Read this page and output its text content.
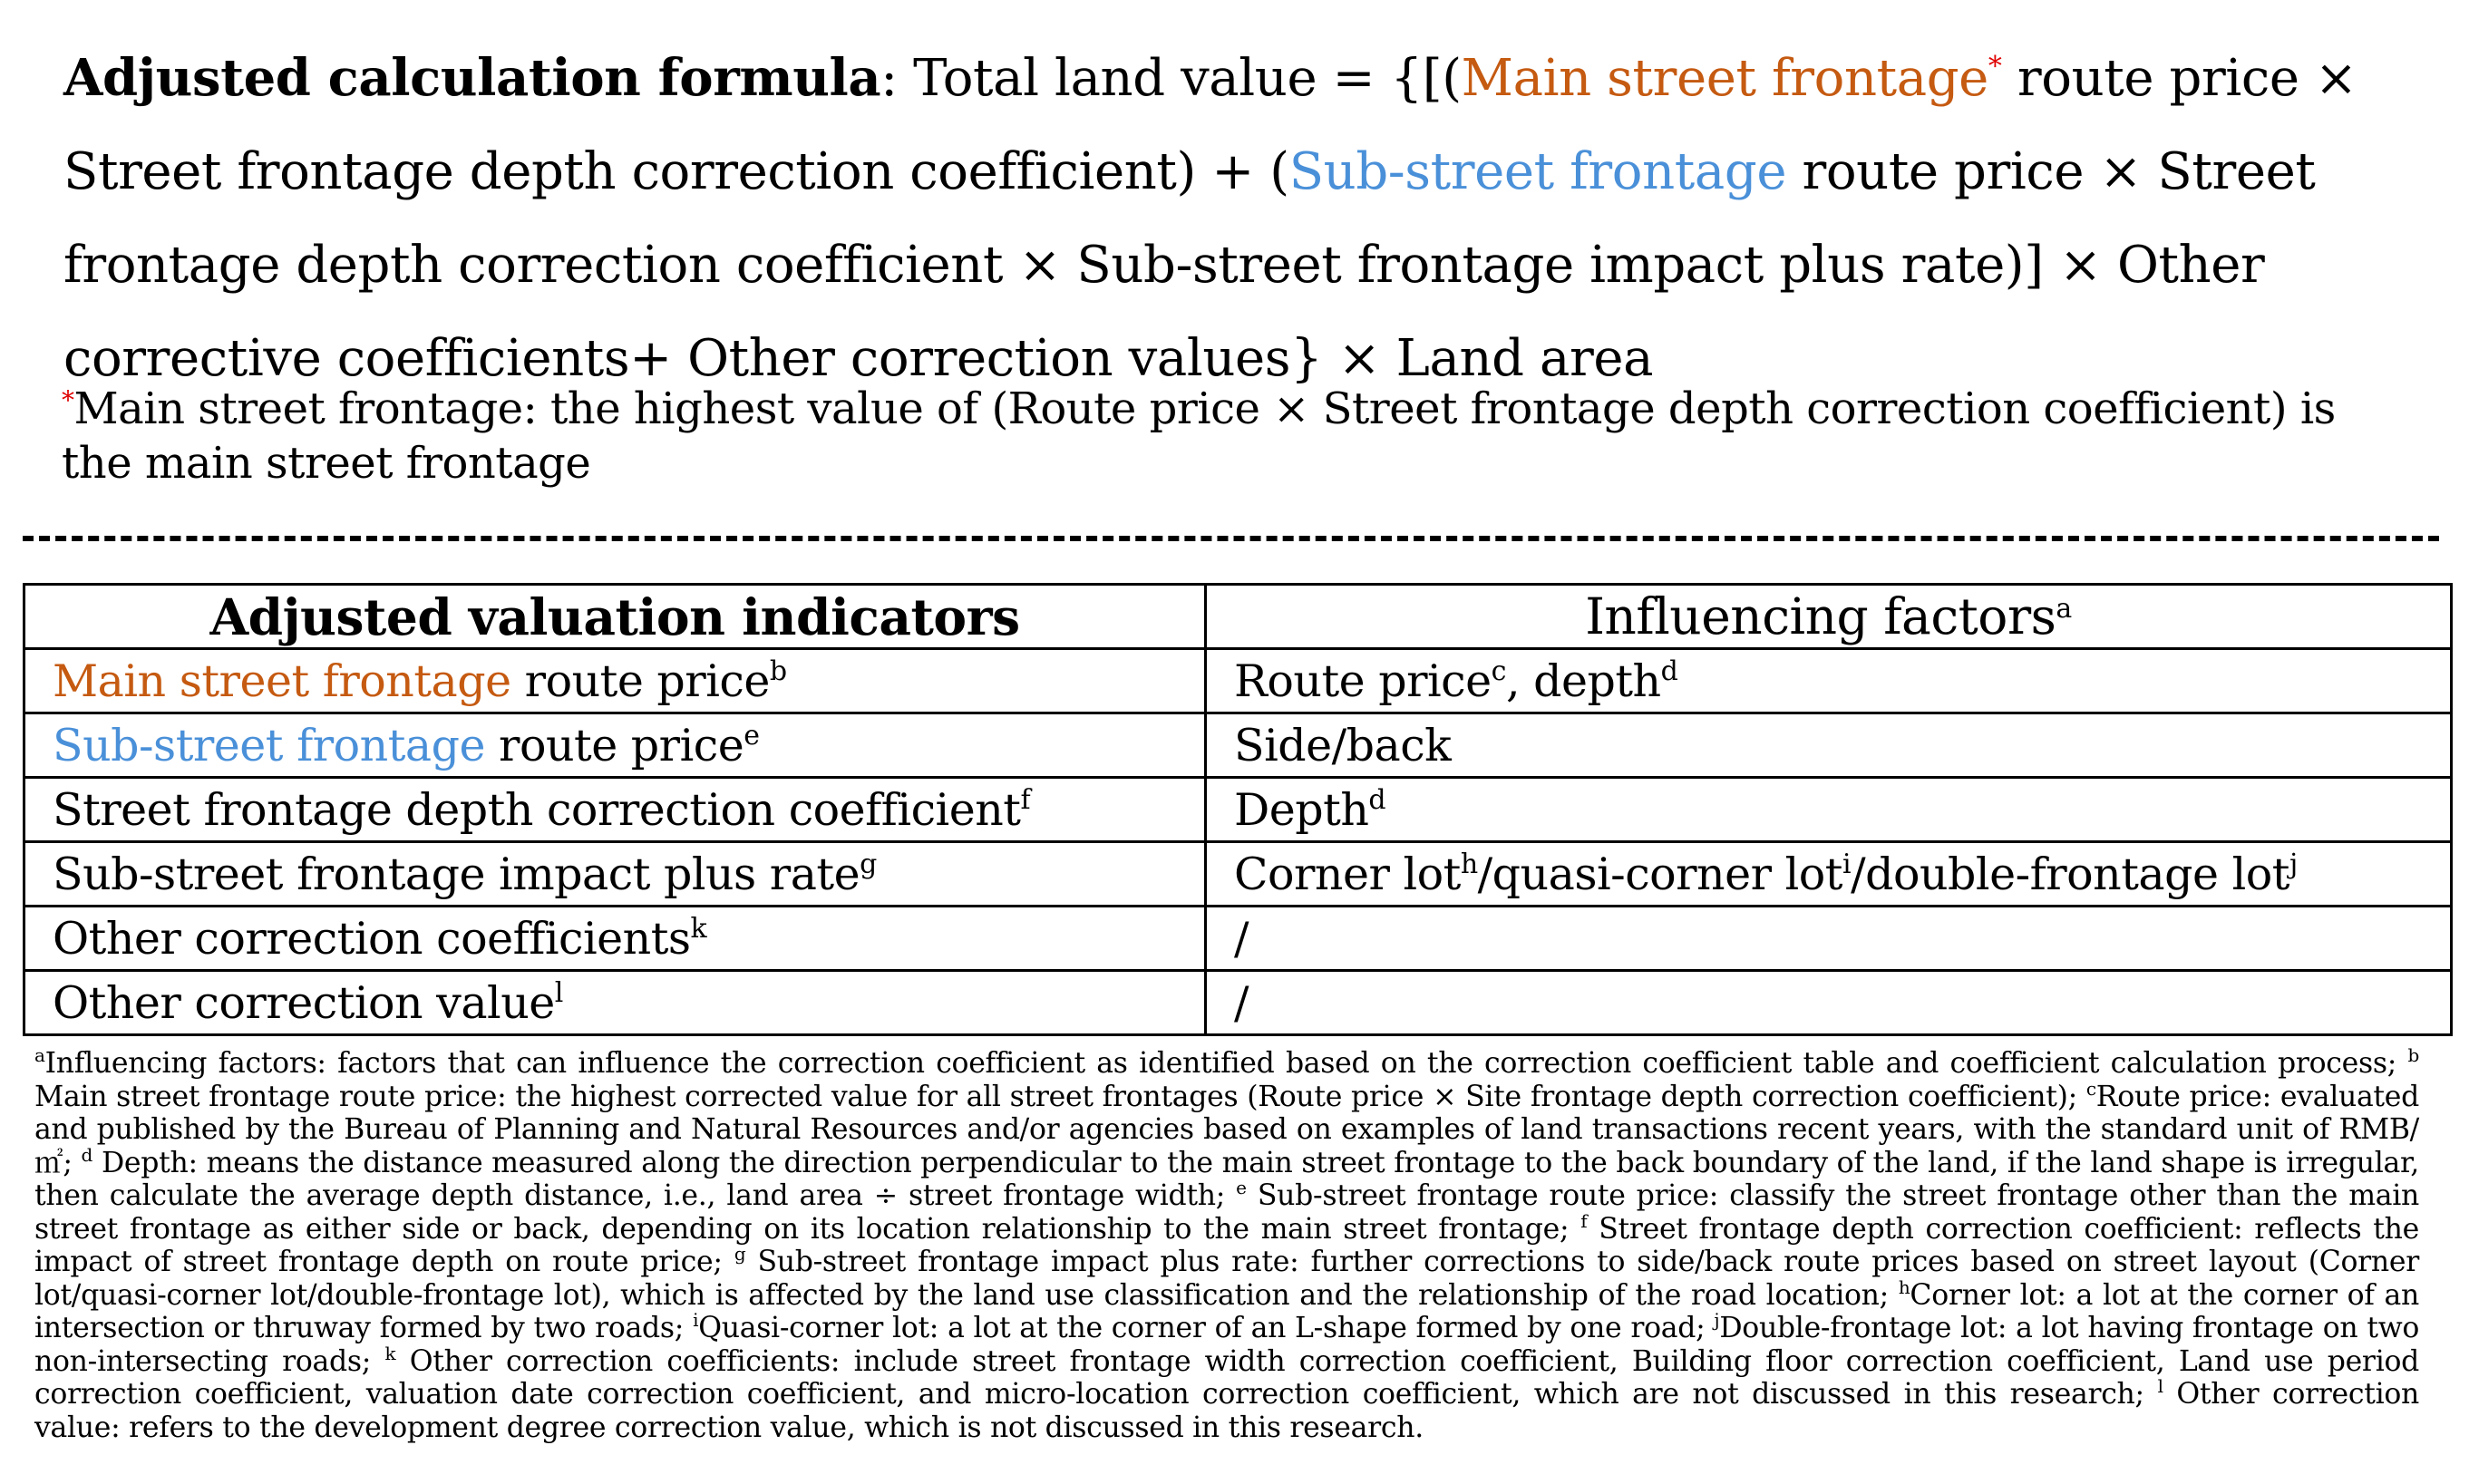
Adjusted calculation formula: Total land value = {[(Main street frontage* route price × Street frontage depth correction coefficient) + (Sub-street frontage route price × Street frontage depth correction coefficient × Sub-street frontage impact plus rate)] × Other corrective coefficients+ Other correction values} × Land area
*Main street frontage: the highest value of (Route price × Street frontage depth correction coefficient) is the main street frontage
Adjusted valuation indicators	Influencing factors$^a$
Main street frontage route price$^b$	Route price$^c$, depth$^d$
Sub-street frontage route price$^e$	Side/back
Street frontage depth correction coefficient$^f$	Depth$^d$
Sub-street frontage impact plus rate$^g$	Corner lot$^h$/quasi-corner lot$^i$/double-frontage lot$^j$
Other correction coefficients$^k$	/
Other correction value$^l$	/
$^a$Influencing factors: factors that can influence the correction coefficient as identified based on the correction coefficient table and coefficient calculation process; $^b$ Main street frontage route price: the highest corrected value for all street frontages (Route price × Site frontage depth correction coefficient); $^c$Route price: evaluated and published by the Bureau of Planning and Natural Resources and/or agencies based on examples of land transactions recent years, with the standard unit of RMB/㎡; $^d$ Depth: means the distance measured along the direction perpendicular to the main street frontage to the back boundary of the land, if the land shape is irregular, then calculate the average depth distance, i.e., land area ÷ street frontage width; $^e$ Sub-street frontage route price: classify the street frontage other than the main street frontage as either side or back, depending on its location relationship to the main street frontage; $^f$ Street frontage depth correction coefficient: reflects the impact of street frontage depth on route price; $^g$ Sub-street frontage impact plus rate: further corrections to side/back route prices based on street layout (Corner lot/quasi-corner lot/double-frontage lot), which is affected by the land use classification and the relationship of the road location; $^h$Corner lot: a lot at the corner of an intersection or thruway formed by two roads; $^i$Quasi-corner lot: a lot at the corner of an L-shape formed by one road; $^j$Double-frontage lot: a lot having frontage on two non-intersecting roads; $^k$ Other correction coefficients: include street frontage width correction coefficient, Building floor correction coefficient, Land use period correction coefficient, valuation date correction coefficient, and micro-location correction coefficient, which are not discussed in this research; $^l$ Other correction value: refers to the development degree correction value, which is not discussed in this research.
